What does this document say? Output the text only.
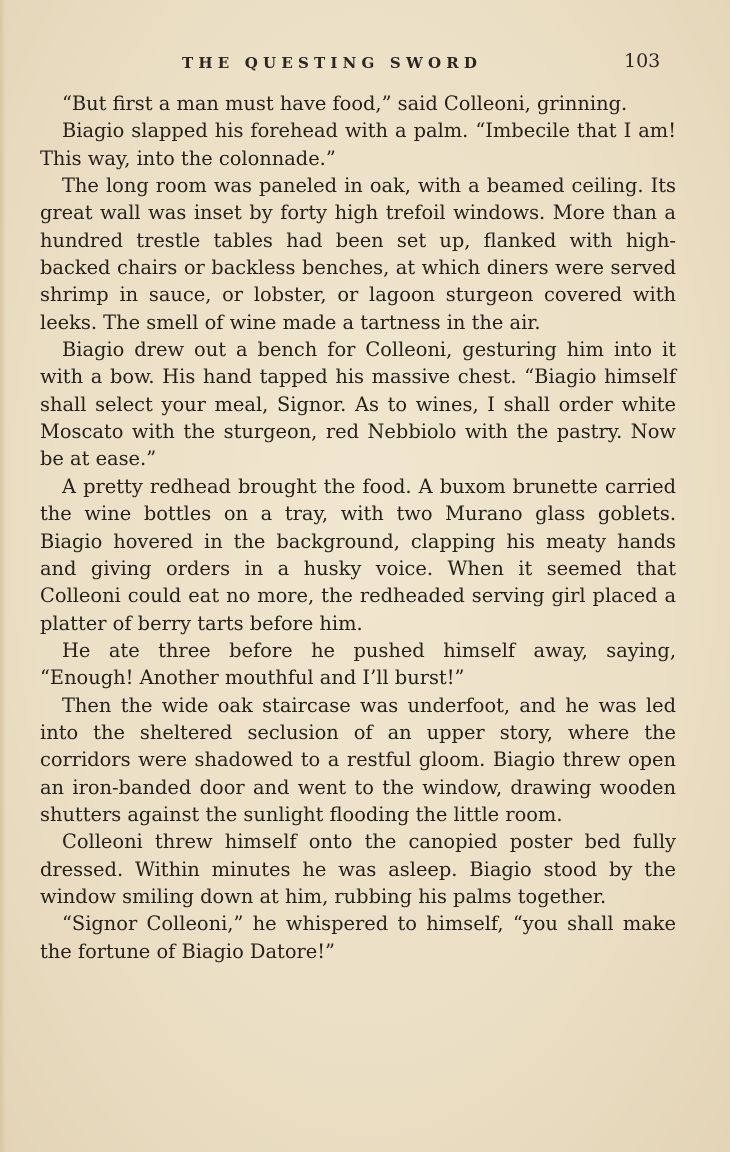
THE QUESTING SWORD	103

“But first a man must have food,” said Colleoni, grinning.

Biagio slapped his forehead with a palm. “Imbecile that I am! This way, into the colonnade.”

The long room was paneled in oak, with a beamed ceiling. Its great wall was inset by forty high trefoil windows. More than a hundred trestle tables had been set up, flanked with high-backed chairs or backless benches, at which diners were served shrimp in sauce, or lobster, or lagoon sturgeon covered with leeks. The smell of wine made a tartness in the air.

Biagio drew out a bench for Colleoni, gesturing him into it with a bow. His hand tapped his massive chest. “Biagio himself shall select your meal, Signor. As to wines, I shall order white Moscato with the sturgeon, red Nebbiolo with the pastry. Now be at ease.”

A pretty redhead brought the food. A buxom brunette carried the wine bottles on a tray, with two Murano glass goblets. Biagio hovered in the background, clapping his meaty hands and giving orders in a husky voice. When it seemed that Colleoni could eat no more, the redheaded serving girl placed a platter of berry tarts before him.

He ate three before he pushed himself away, saying, “Enough! Another mouthful and I’ll burst!”

Then the wide oak staircase was underfoot, and he was led into the sheltered seclusion of an upper story, where the corridors were shadowed to a restful gloom. Biagio threw open an iron-banded door and went to the window, drawing wooden shutters against the sunlight flooding the little room.

Colleoni threw himself onto the canopied poster bed fully dressed. Within minutes he was asleep. Biagio stood by the window smiling down at him, rubbing his palms together.

“Signor Colleoni,” he whispered to himself, “you shall make the fortune of Biagio Datore!”
